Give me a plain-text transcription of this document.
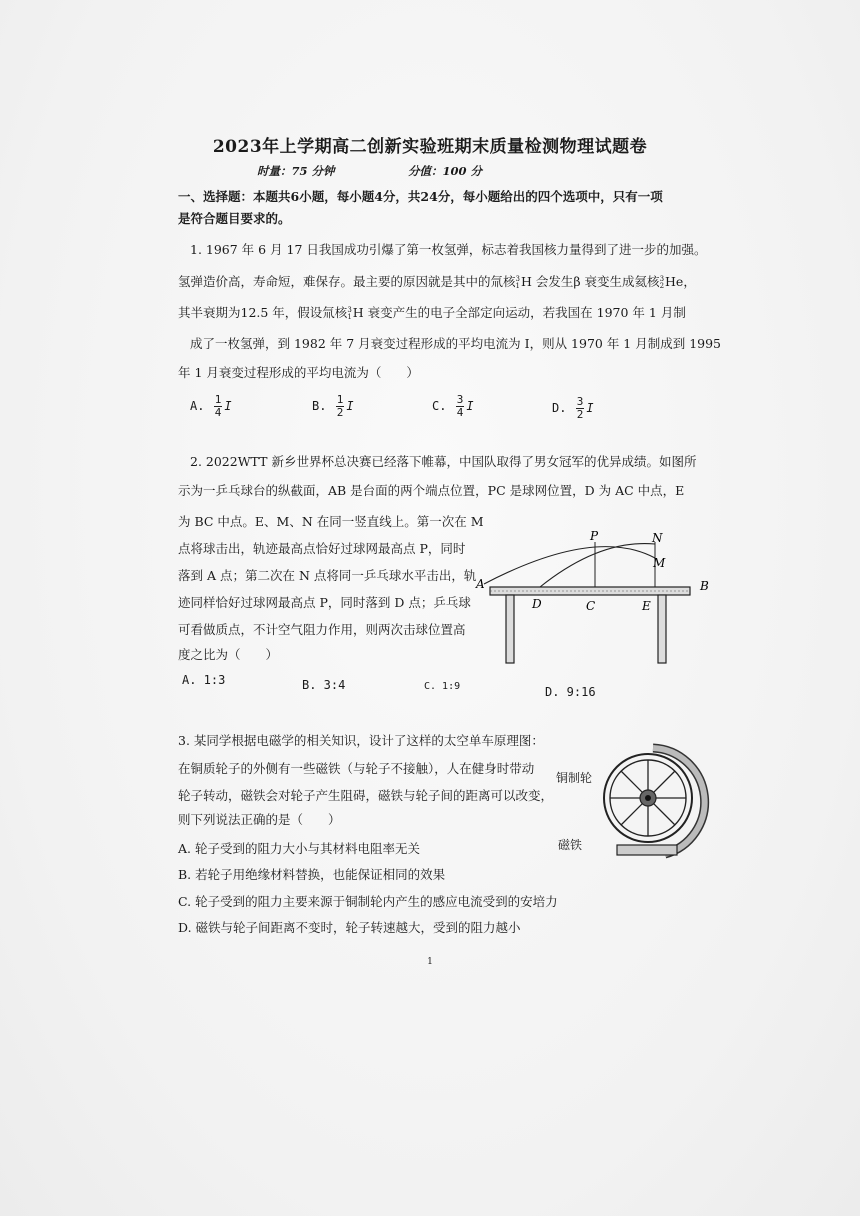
2023年上学期高二创新实验班期末质量检测物理试题卷
时量：75 分钟	分值：100 分
一、选择题：本题共6小题，每小题4分，共24分，每小题给出的四个选项中，只有一项
是符合题目要求的。
1. 1967 年 6 月 17 日我国成功引爆了第一枚氢弹，标志着我国核力量得到了进一步的加强。
氢弹造价高，寿命短，难保存。最主要的原因就是其中的氚核 3
1 H 会发生β 衰变生成氦核 3
2 He，
其半衰期为12.5 年，假设氚核 3
1 H 衰变产生的电子全部定向运动，若我国在 1970 年 1 月制
成了一枚氢弹，到 1982 年 7 月衰变过程形成的平均电流为 I，则从 1970 年 1 月制成到 1995
年 1 月衰变过程形成的平均电流为（　　）
A. $\frac{1}{4}$ I	B. $\frac{1}{2}$ I	C. $\frac{3}{4}$ I	D. $\frac{3}{2}$ I
2. 2022WTT 新乡世界杯总决赛已经落下帷幕，中国队取得了男女冠军的优异成绩。如图所
示为一乒乓球台的纵截面，AB 是台面的两个端点位置，PC 是球网位置，D 为 AC 中点，E
为 BC 中点。E、M、N 在同一竖直线上。第一次在 M
点将球击出，轨迹最高点恰好过球网最高点 P，同时
落到 A 点；第二次在 N 点将同一乒乓球水平击出，轨
迹同样恰好过球网最高点 P，同时落到 D 点；乒乓球
可看做质点，不计空气阻力作用，则两次击球位置高
度之比为（　　）
P	N
M
A	B
D	C	E
A. 1:3	B. 3:4	C. 1:9	D. 9:16
3. 某同学根据电磁学的相关知识，设计了这样的太空单车原理图：
在铜质轮子的外侧有一些磁铁（与轮子不接触），人在健身时带动
轮子转动，磁铁会对轮子产生阻碍，磁铁与轮子间的距离可以改变，
则下列说法正确的是（　　）
A. 轮子受到的阻力大小与其材料电阻率无关
B. 若轮子用绝缘材料替换，也能保证相同的效果
C. 轮子受到的阻力主要来源于铜制轮内产生的感应电流受到的安培力
D. 磁铁与轮子间距离不变时，轮子转速越大，受到的阻力越小
铜制轮
磁铁
1
